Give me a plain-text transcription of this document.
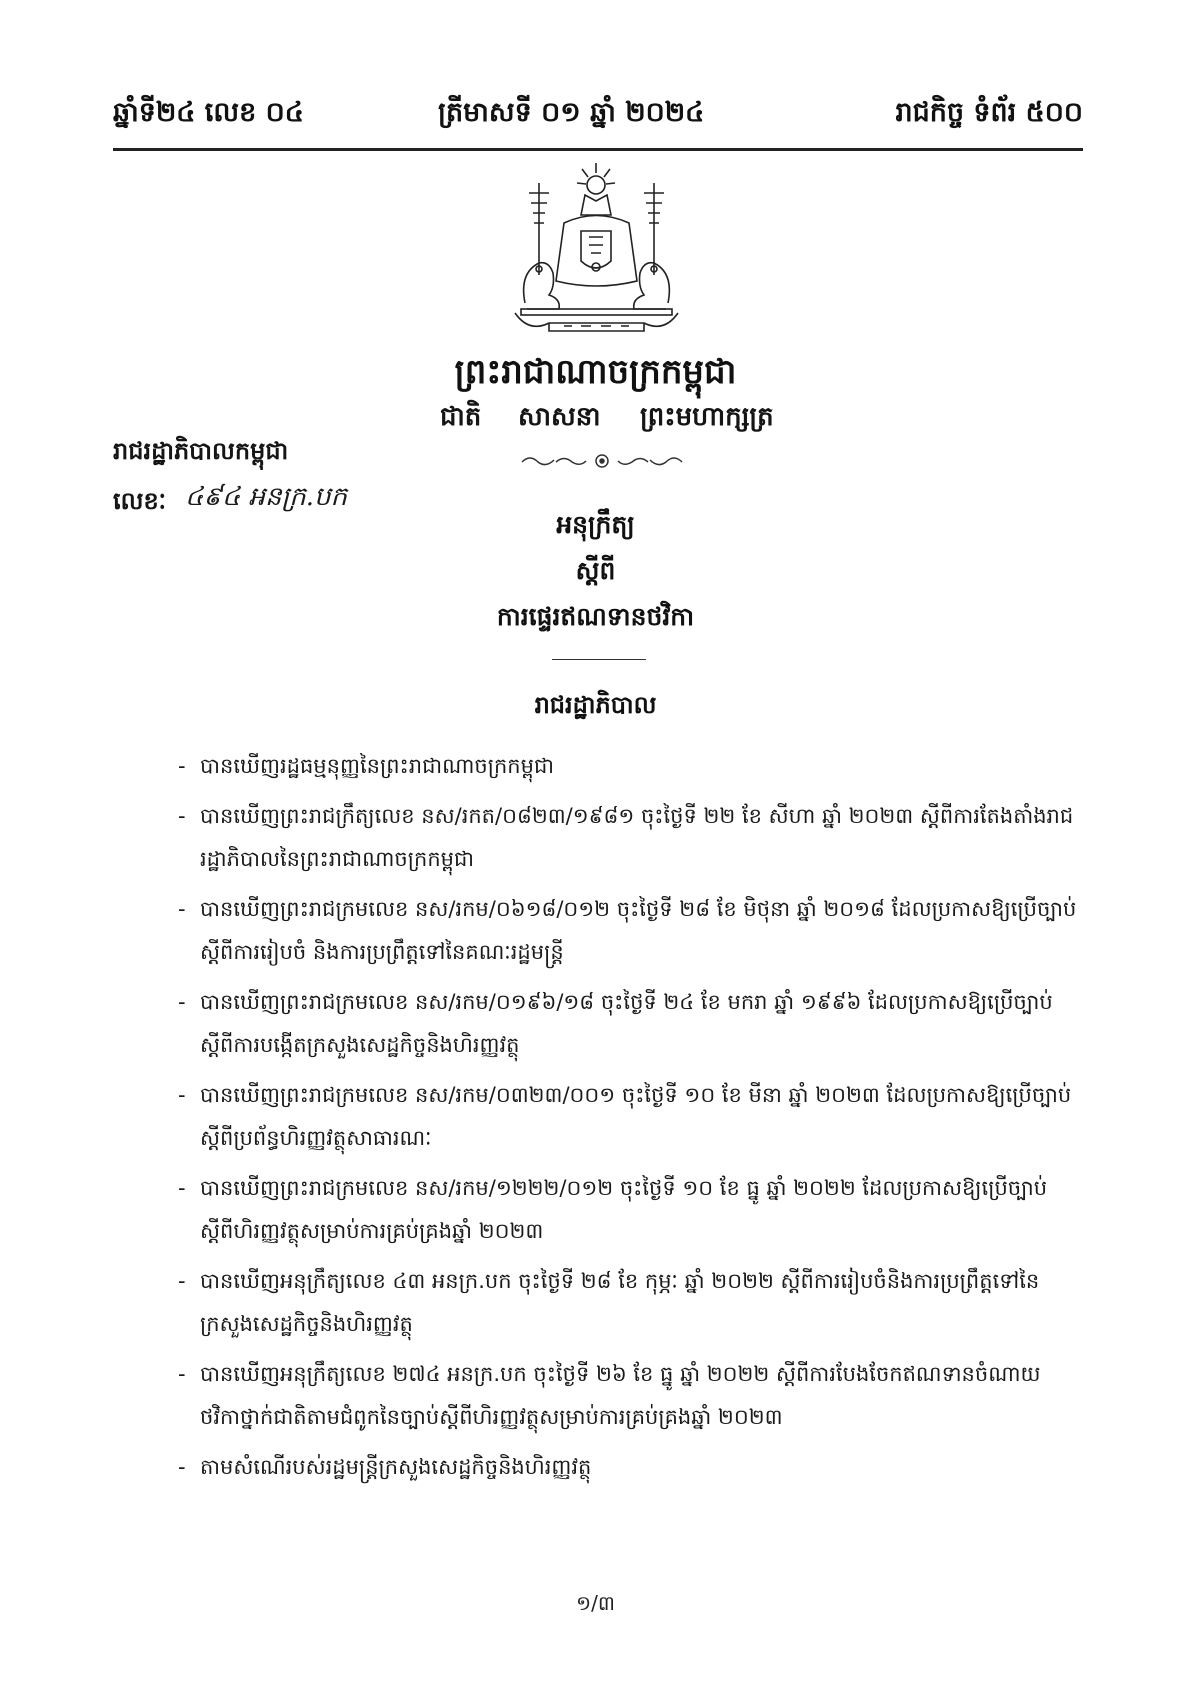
ឆ្នាំទី២៤ លេខ ០៤	ត្រីមាសទី ០១ ឆ្នាំ ២០២៤	រាជកិច្ច ទំព័រ ៥០០
ព្រះរាជាណាចក្រកម្ពុជា
ជាតិ សាសនា ព្រះមហាក្សត្រ
រាជរដ្ឋាភិបាលកម្ពុជា
លេខៈ ៤៩៤ អនក្រ.បក
អនុក្រឹត្យ
ស្ដីពី
ការផ្ទេរឥណទានថវិកា
រាជរដ្ឋាភិបាល
- បានឃើញរដ្ឋធម្មនុញ្ញនៃព្រះរាជាណាចក្រកម្ពុជា
- បានឃើញព្រះរាជក្រឹត្យលេខ នស/រកត/០៨២៣/១៩៨១ ចុះថ្ងៃទី ២២ ខែ សីហា ឆ្នាំ ២០២៣ ស្ដីពីការតែងតាំងរាជរដ្ឋាភិបាលនៃព្រះរាជាណាចក្រកម្ពុជា
- បានឃើញព្រះរាជក្រមលេខ នស/រកម/០៦១៨/០១២ ចុះថ្ងៃទី ២៨ ខែ មិថុនា ឆ្នាំ ២០១៨ ដែលប្រកាសឱ្យប្រើច្បាប់ស្ដីពីការរៀបចំ និងការប្រព្រឹត្តទៅនៃគណៈរដ្ឋមន្ត្រី
- បានឃើញព្រះរាជក្រមលេខ នស/រកម/០១៩៦/១៨ ចុះថ្ងៃទី ២៤ ខែ មករា ឆ្នាំ ១៩៩៦ ដែលប្រកាសឱ្យប្រើច្បាប់ស្ដីពីការបង្កើតក្រសួងសេដ្ឋកិច្ចនិងហិរញ្ញវត្ថុ
- បានឃើញព្រះរាជក្រមលេខ នស/រកម/០៣២៣/០០១ ចុះថ្ងៃទី ១០ ខែ មីនា ឆ្នាំ ២០២៣ ដែលប្រកាសឱ្យប្រើច្បាប់ស្ដីពីប្រព័ន្ធហិរញ្ញវត្ថុសាធារណៈ
- បានឃើញព្រះរាជក្រមលេខ នស/រកម/១២២២/០១២ ចុះថ្ងៃទី ១០ ខែ ធ្នូ ឆ្នាំ ២០២២ ដែលប្រកាសឱ្យប្រើច្បាប់ស្ដីពីហិរញ្ញវត្ថុសម្រាប់ការគ្រប់គ្រងឆ្នាំ ២០២៣
- បានឃើញអនុក្រឹត្យលេខ ៤៣ អនក្រ.បក ចុះថ្ងៃទី ២៨ ខែ កុម្ភៈ ឆ្នាំ ២០២២ ស្ដីពីការរៀបចំនិងការប្រព្រឹត្តទៅនៃក្រសួងសេដ្ឋកិច្ចនិងហិរញ្ញវត្ថុ
- បានឃើញអនុក្រឹត្យលេខ ២៧៤ អនក្រ.បក ចុះថ្ងៃទី ២៦ ខែ ធ្នូ ឆ្នាំ ២០២២ ស្ដីពីការបែងចែកឥណទានចំណាយថវិកាថ្នាក់ជាតិតាមជំពូកនៃច្បាប់ស្ដីពីហិរញ្ញវត្ថុសម្រាប់ការគ្រប់គ្រងឆ្នាំ ២០២៣
- តាមសំណើរបស់រដ្ឋមន្ត្រីក្រសួងសេដ្ឋកិច្ចនិងហិរញ្ញវត្ថុ
១/៣
